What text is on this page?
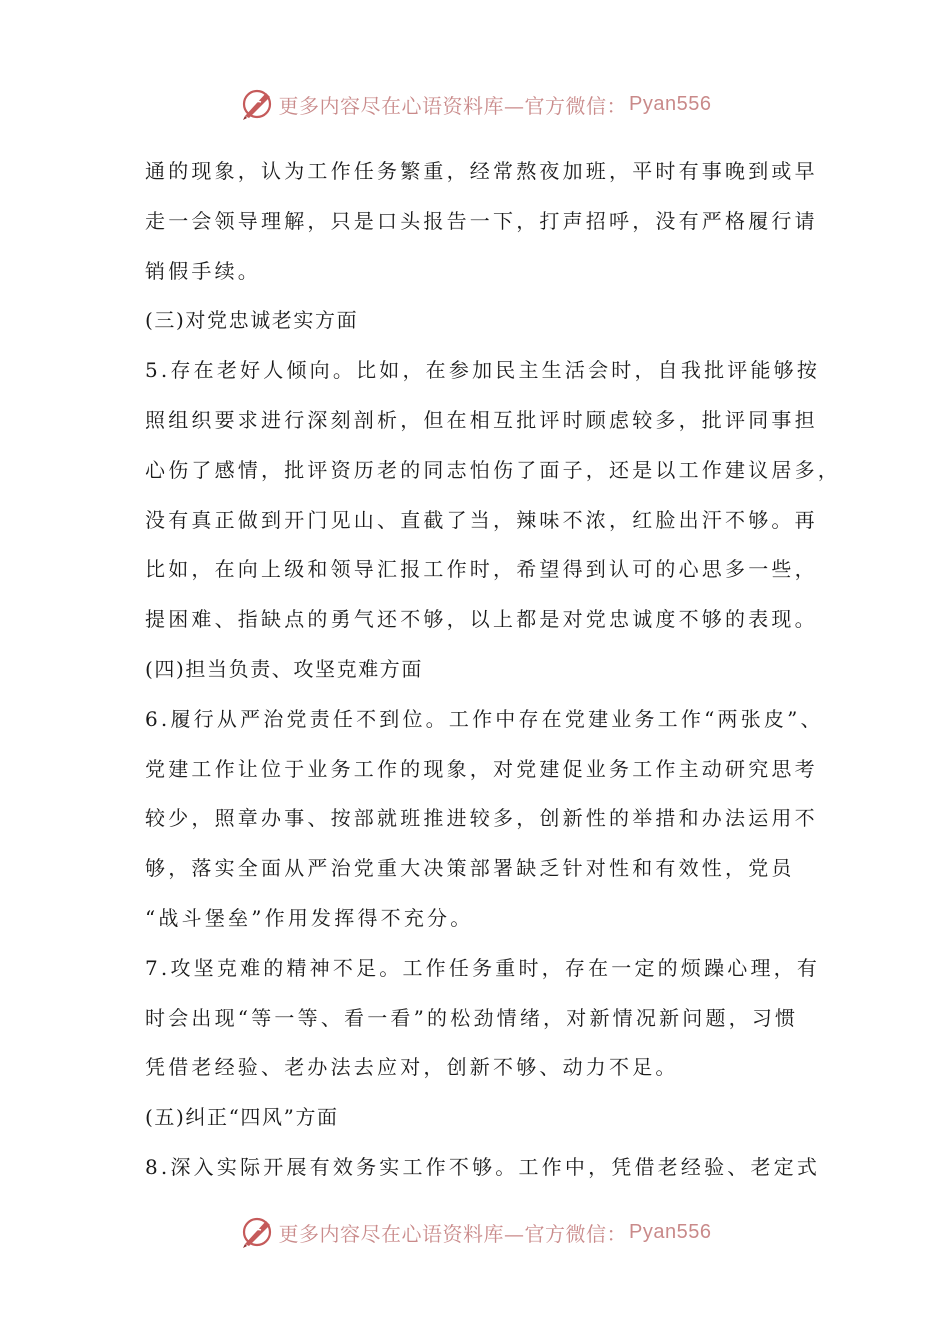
更多内容尽在心语资料库—官方微信： Pyan556
通的现象，认为工作任务繁重，经常熬夜加班，平时有事晚到或早
走一会领导理解，只是口头报告一下，打声招呼，没有严格履行请
销假手续。
(三)对党忠诚老实方面
5.存在老好人倾向。比如，在参加民主生活会时，自我批评能够按
照组织要求进行深刻剖析，但在相互批评时顾虑较多，批评同事担
心伤了感情，批评资历老的同志怕伤了面子，还是以工作建议居多，
没有真正做到开门见山、直截了当，辣味不浓，红脸出汗不够。再
比如，在向上级和领导汇报工作时，希望得到认可的心思多一些，
提困难、指缺点的勇气还不够，以上都是对党忠诚度不够的表现。
(四)担当负责、攻坚克难方面
6.履行从严治党责任不到位。工作中存在党建业务工作“两张皮”、
党建工作让位于业务工作的现象，对党建促业务工作主动研究思考
较少，照章办事、按部就班推进较多，创新性的举措和办法运用不
够，落实全面从严治党重大决策部署缺乏针对性和有效性，党员
“战斗堡垒”作用发挥得不充分。
7.攻坚克难的精神不足。工作任务重时，存在一定的烦躁心理，有
时会出现“等一等、看一看”的松劲情绪，对新情况新问题，习惯
凭借老经验、老办法去应对，创新不够、动力不足。
(五)纠正“四风”方面
8.深入实际开展有效务实工作不够。工作中，凭借老经验、老定式
更多内容尽在心语资料库—官方微信： Pyan556
